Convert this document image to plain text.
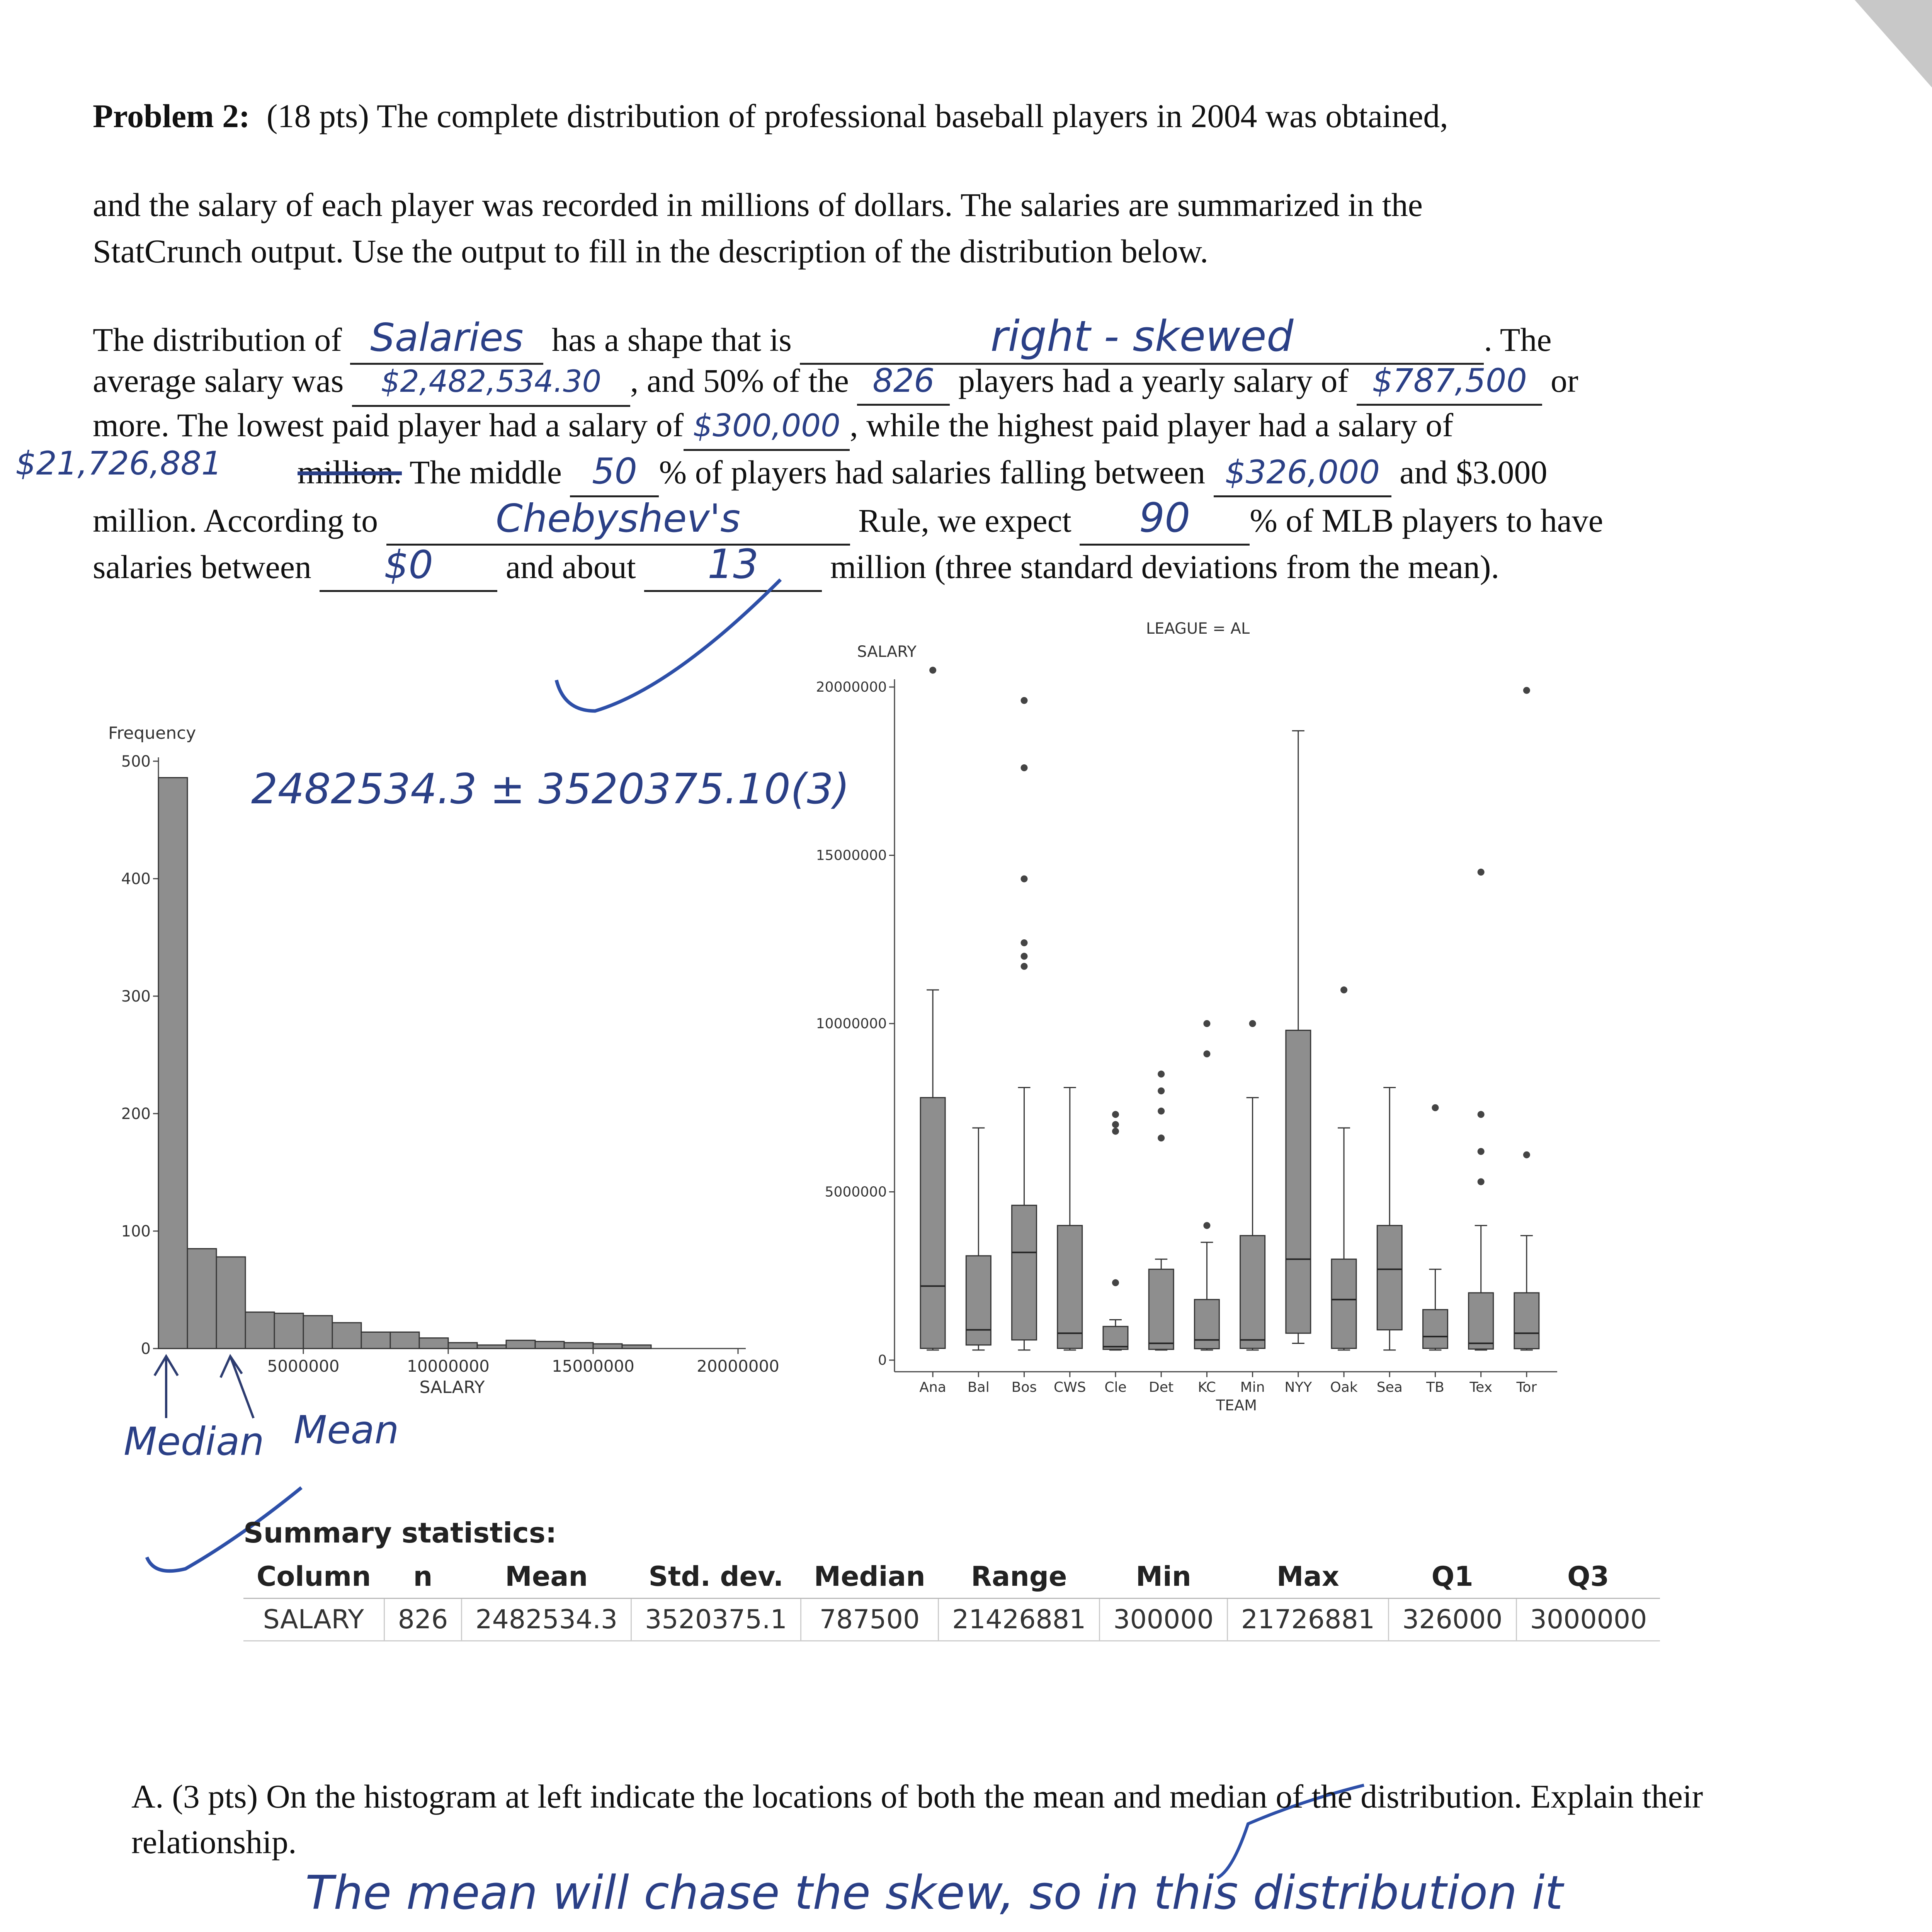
Problem 2: (18 pts) The complete distribution of professional baseball players in 2004 was obtained,
and the salary of each player was recorded in millions of dollars. The salaries are summarized in the
StatCrunch output. Use the output to fill in the description of the distribution below.
The distribution of Salaries has a shape that is	right - skewed	. The
average salary was $2,482,534.30 , and 50% of the 826 players had a yearly salary of $787,500 or
more. The lowest paid player had a salary of $300,000 , while the highest paid player had a salary of
$21,726,881 million. The middle 50 % of players had salaries falling between $326,000 and $3.000
million. According to	Chebyshev's	Rule, we expect 90 % of MLB players to have
salaries between $0 and about 13 million (three standard deviations from the mean).
2482534.3 ± 3520375.10(3)
Frequency
0
100
200
300
400
500
5000000	10000000	15000000	20000000
SALARY
Median Mean
LEAGUE = AL
SALARY
0
5000000
10000000
15000000
20000000
Ana Bal Bos CWS Cle Det KC Min NYY Oak Sea TB Tex Tor
TEAM
Summary statistics:
Column	n	Mean	Std. dev.	Median	Range	Min	Max	Q1	Q3
SALARY	826	2482534.3	3520375.1	787500	21426881	300000	21726881	326000	3000000
A. (3 pts) On the histogram at left indicate the locations of both the mean and median of the distribution. Explain their relationship.
The mean will chase the skew, so in this distribution it
